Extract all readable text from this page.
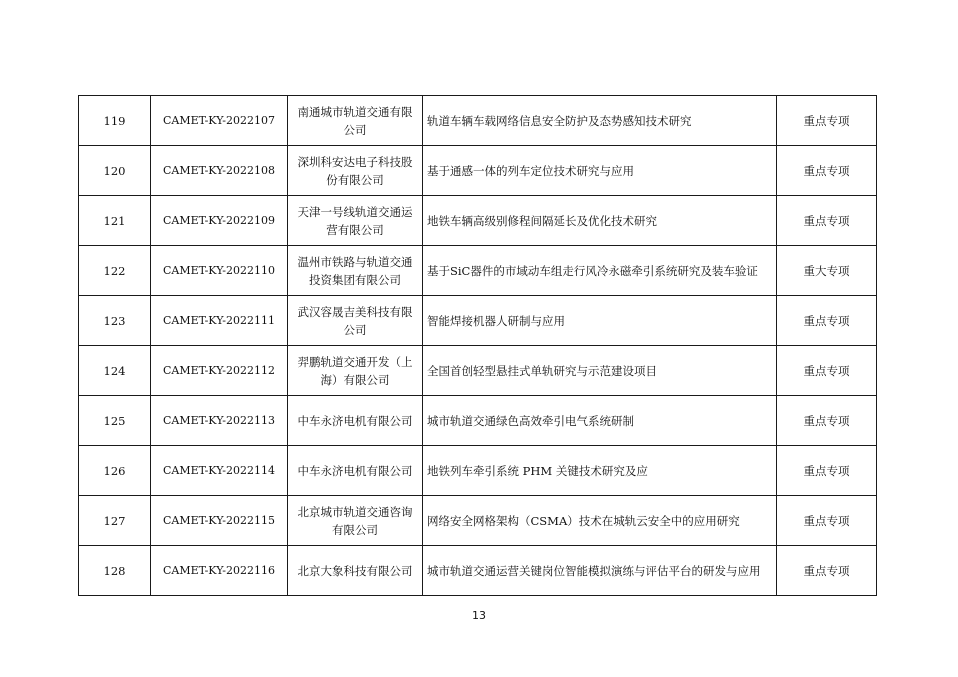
119	CAMET-KY-2022107	南通城市轨道交通有限公司	轨道车辆车载网络信息安全防护及态势感知技术研究	重点专项
120	CAMET-KY-2022108	深圳科安达电子科技股份有限公司	基于通感一体的列车定位技术研究与应用	重点专项
121	CAMET-KY-2022109	天津一号线轨道交通运营有限公司	地铁车辆高级别修程间隔延长及优化技术研究	重点专项
122	CAMET-KY-2022110	温州市铁路与轨道交通投资集团有限公司	基于SiC器件的市域动车组走行风冷永磁牵引系统研究及装车验证	重大专项
123	CAMET-KY-2022111	武汉容晟吉美科技有限公司	智能焊接机器人研制与应用	重点专项
124	CAMET-KY-2022112	羿鹏轨道交通开发（上海）有限公司	全国首创轻型悬挂式单轨研究与示范建设项目	重点专项
125	CAMET-KY-2022113	中车永济电机有限公司	城市轨道交通绿色高效牵引电气系统研制	重点专项
126	CAMET-KY-2022114	中车永济电机有限公司	地铁列车牵引系统 PHM 关键技术研究及应	重点专项
127	CAMET-KY-2022115	北京城市轨道交通咨询有限公司	网络安全网格架构（CSMA）技术在城轨云安全中的应用研究	重点专项
128	CAMET-KY-2022116	北京大象科技有限公司	城市轨道交通运营关键岗位智能模拟演练与评估平台的研发与应用	重点专项
13
